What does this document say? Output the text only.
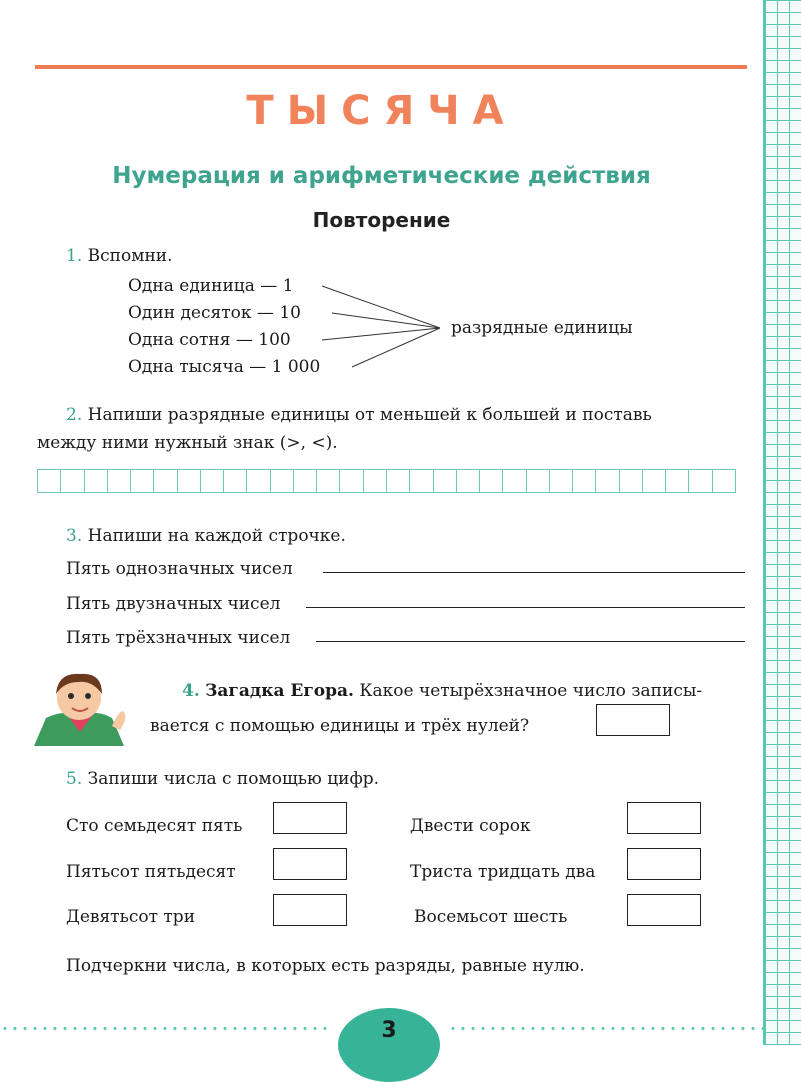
ТЫСЯЧА
Нумерация и арифметические действия
Повторение
1. Вспомни.
Одна единица — 1
Один десяток — 10
Одна сотня — 100
Одна тысяча — 1 000
разрядные единицы
2. Напиши разрядные единицы от меньшей к большей и поставь
между ними нужный знак (>, <).
3. Напиши на каждой строчке.
Пять однозначных чисел
Пять двузначных чисел
Пять трёхзначных чисел
4. Загадка Егора. Какое четырёхзначное число записы-
вается с помощью единицы и трёх нулей?
5. Запиши числа с помощью цифр.
Сто семьдесят пять
Пятьсот пятьдесят
Девятьсот три
Двести сорок
Триста тридцать два
Восемьсот шесть
Подчеркни числа, в которых есть разряды, равные нулю.
3
